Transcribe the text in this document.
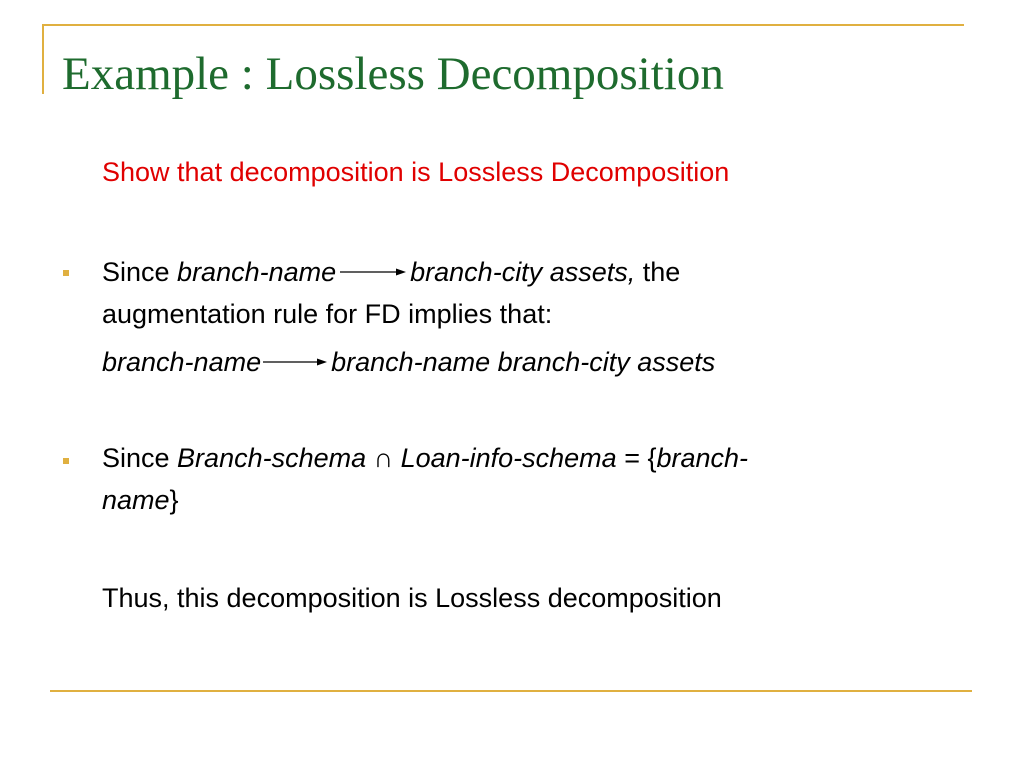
Example : Lossless Decomposition
Show that decomposition is Lossless Decomposition
Since branch-name	branch-city assets, the
augmentation rule for FD implies that:
branch-name	branch-name branch-city assets
Since Branch-schema ∩ Loan-info-schema = {branch-
name}
Thus, this decomposition is Lossless decomposition
